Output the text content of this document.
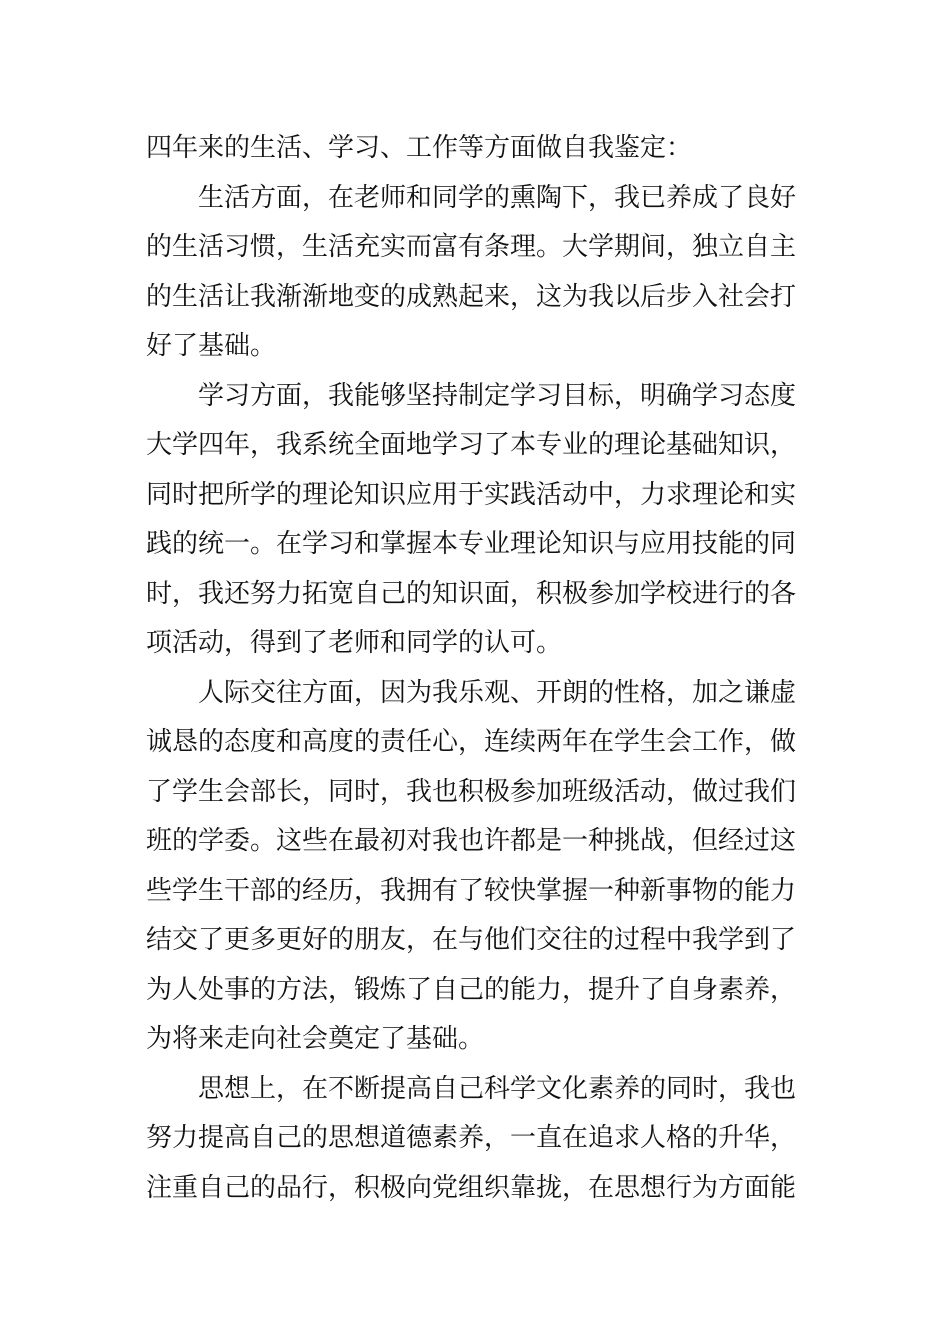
四年来的生活、学习、工作等方面做自我鉴定：
生活方面，在老师和同学的熏陶下，我已养成了良好
的生活习惯，生活充实而富有条理。大学期间，独立自主
的生活让我渐渐地变的成熟起来，这为我以后步入社会打
好了基础。
学习方面，我能够坚持制定学习目标，明确学习态度
大学四年，我系统全面地学习了本专业的理论基础知识，
同时把所学的理论知识应用于实践活动中，力求理论和实
践的统一。在学习和掌握本专业理论知识与应用技能的同
时，我还努力拓宽自己的知识面，积极参加学校进行的各
项活动，得到了老师和同学的认可。
人际交往方面，因为我乐观、开朗的性格，加之谦虚
诚恳的态度和高度的责任心，连续两年在学生会工作，做
了学生会部长，同时，我也积极参加班级活动，做过我们
班的学委。这些在最初对我也许都是一种挑战，但经过这
些学生干部的经历，我拥有了较快掌握一种新事物的能力
结交了更多更好的朋友，在与他们交往的过程中我学到了
为人处事的方法，锻炼了自己的能力，提升了自身素养，
为将来走向社会奠定了基础。
思想上，在不断提高自己科学文化素养的同时，我也
努力提高自己的思想道德素养，一直在追求人格的升华，
注重自己的品行，积极向党组织靠拢，在思想行为方面能
